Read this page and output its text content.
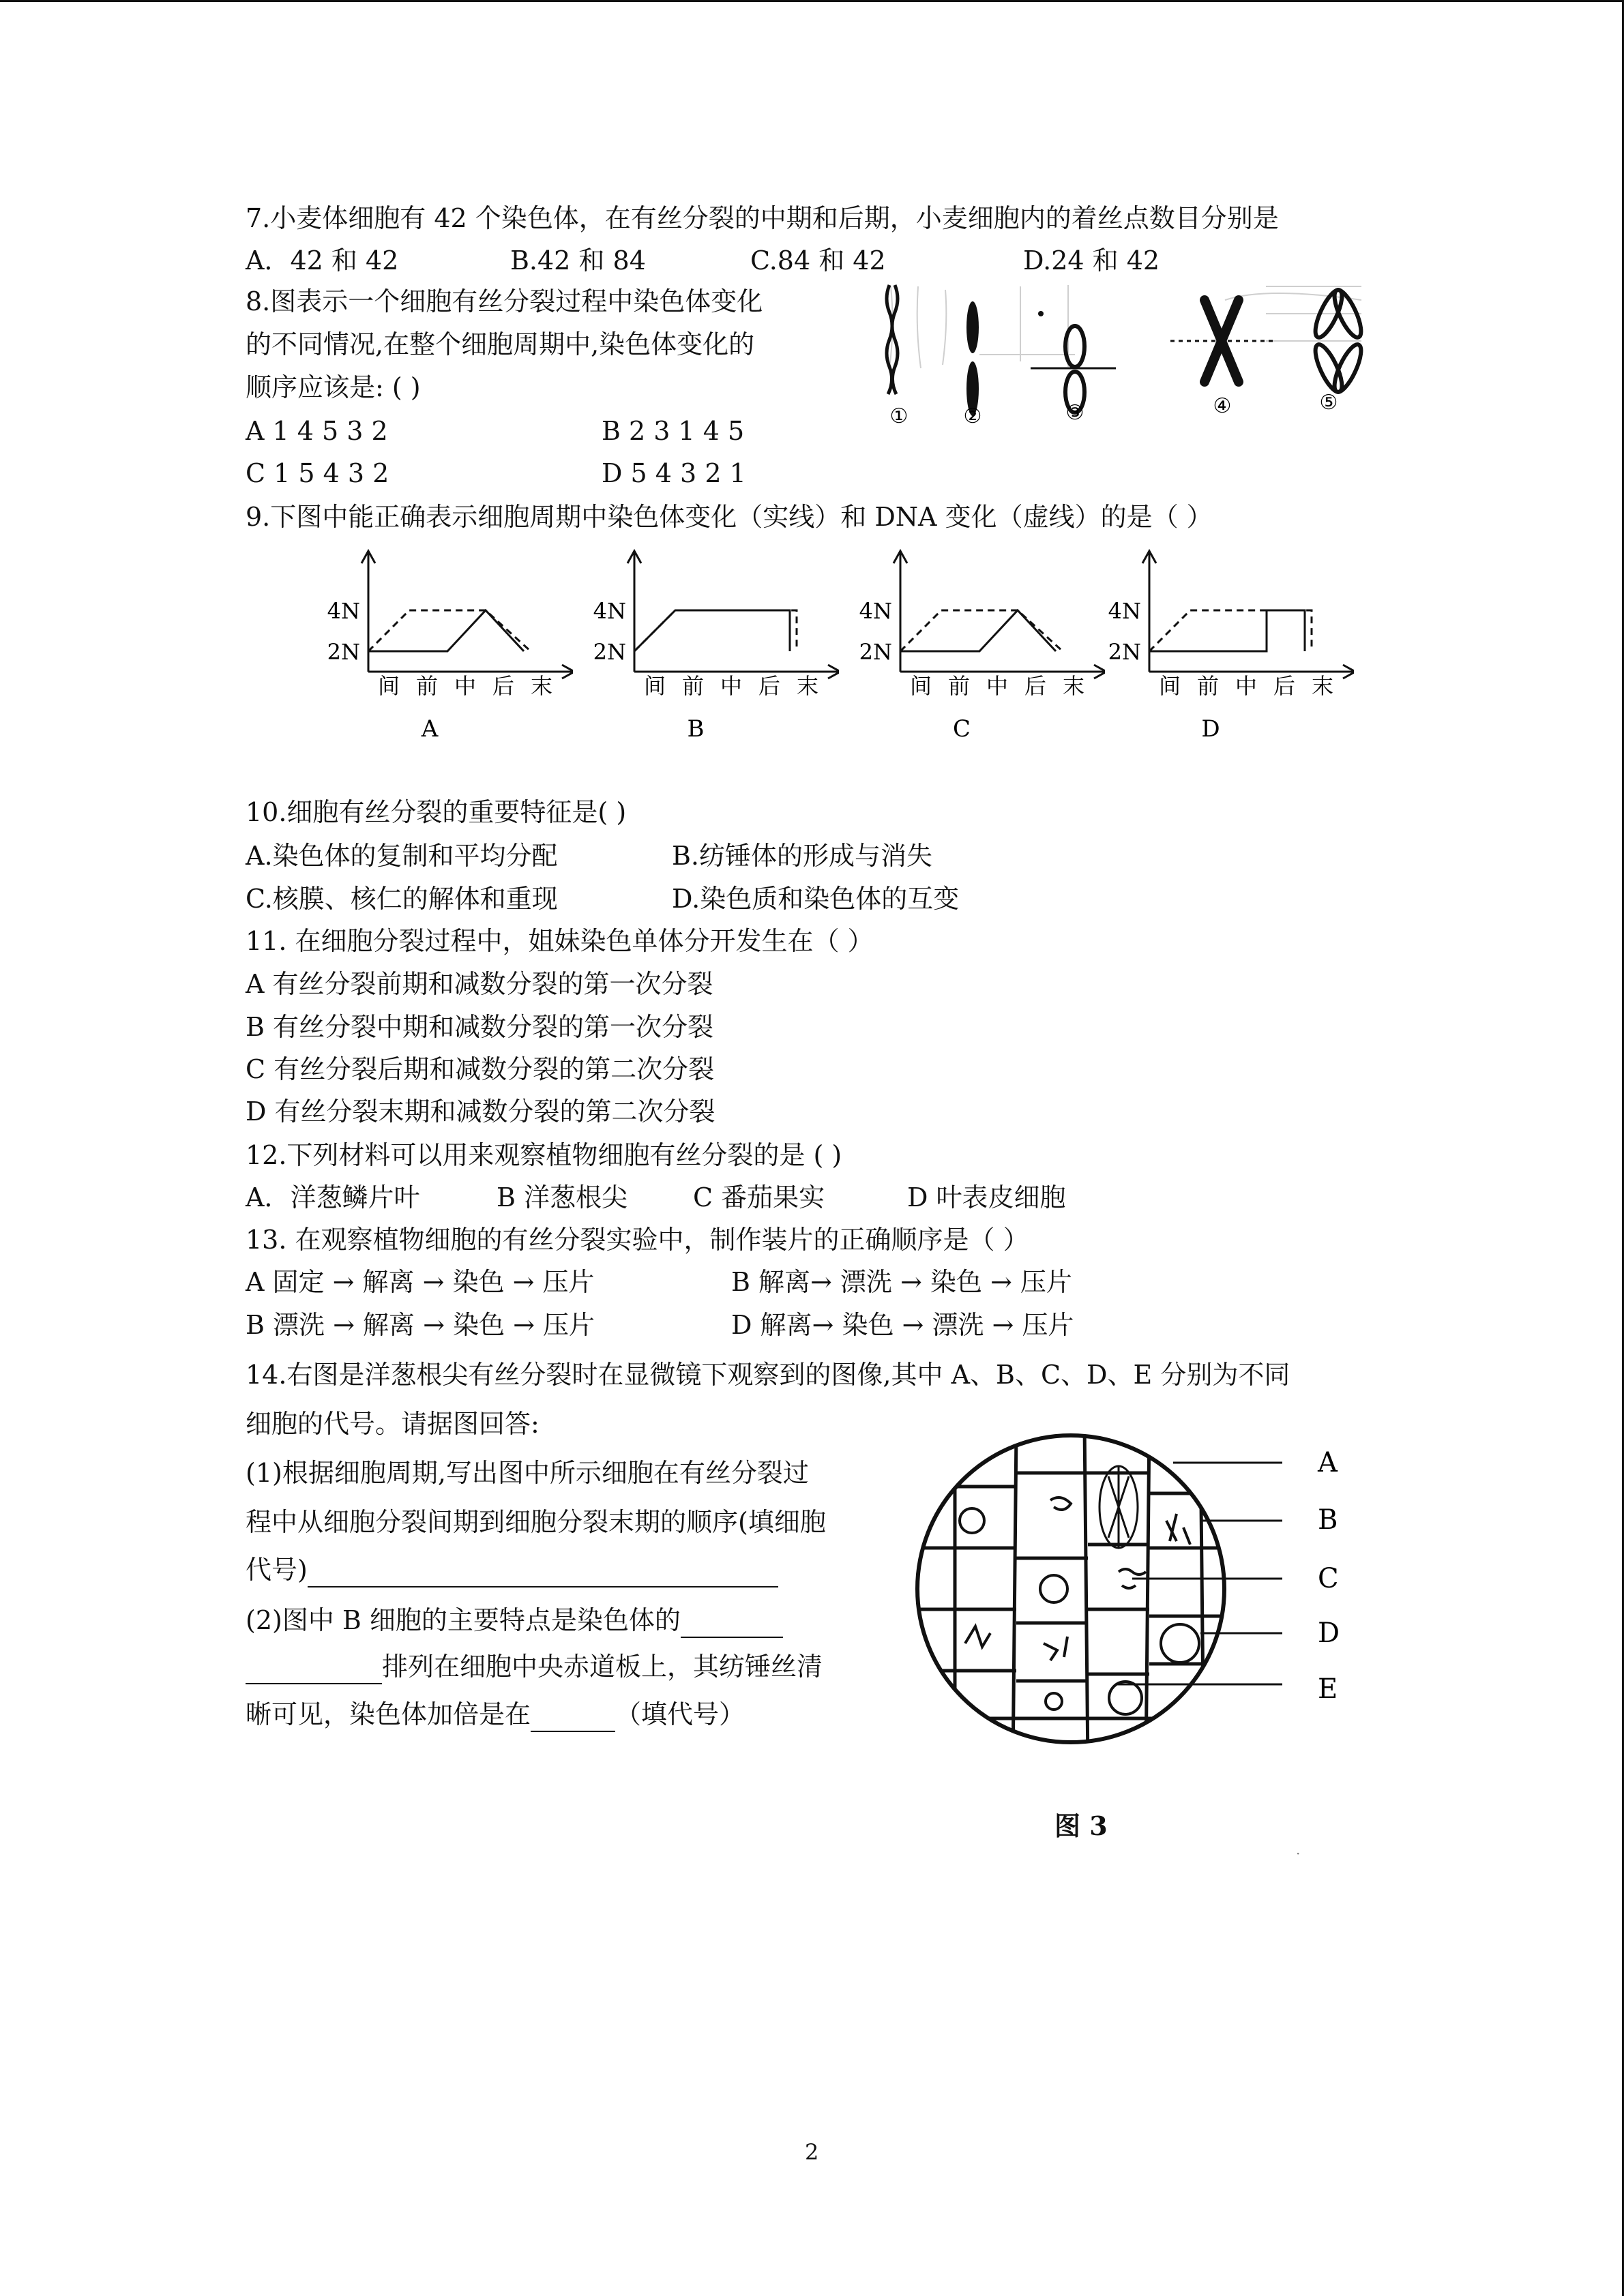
7.小麦体细胞有 42 个染色体，在有丝分裂的中期和后期，小麦细胞内的着丝点数目分别是
A．42 和 42	B.42 和 84	C.84 和 42	D.24 和 42
8.图表示一个细胞有丝分裂过程中染色体变化
的不同情况,在整个细胞周期中,染色体变化的
顺序应该是: ( )
A 1 4 5 3 2	B 2 3 1 4 5
C 1 5 4 3 2	D 5 4 3 2 1
①	②	③	④	⑤
9.下图中能正确表示细胞周期中染色体变化（实线）和 DNA 变化（虚线）的是（ ）
4N
2N
间 前 中 后 末
A
4N
2N
间 前 中 后 末
B
4N
2N
间 前 中 后 末
C
4N
2N
间 前 中 后 末
D
10.细胞有丝分裂的重要特征是( )
A.染色体的复制和平均分配	B.纺锤体的形成与消失
C.核膜、核仁的解体和重现	D.染色质和染色体的互变
11. 在细胞分裂过程中，姐妹染色单体分开发生在（ ）
A 有丝分裂前期和减数分裂的第一次分裂
B 有丝分裂中期和减数分裂的第一次分裂
C 有丝分裂后期和减数分裂的第二次分裂
D 有丝分裂末期和减数分裂的第二次分裂
12.下列材料可以用来观察植物细胞有丝分裂的是 ( )
A．洋葱鳞片叶	B 洋葱根尖	C 番茄果实	D 叶表皮细胞
13. 在观察植物细胞的有丝分裂实验中，制作装片的正确顺序是（ ）
A 固定 → 解离 → 染色 → 压片	B 解离→ 漂洗 → 染色 → 压片
B 漂洗 → 解离 → 染色 → 压片	D 解离→ 染色 → 漂洗 → 压片
14.右图是洋葱根尖有丝分裂时在显微镜下观察到的图像,其中 A、B、C、D、E 分别为不同
细胞的代号。请据图回答:
(1)根据细胞周期,写出图中所示细胞在有丝分裂过
程中从细胞分裂间期到细胞分裂末期的顺序(填细胞
代号)
(2)图中 B 细胞的主要特点是染色体的
排列在细胞中央赤道板上，其纺锤丝清
晰可见，染色体加倍是在	（填代号）
A
B
C
D
E
图 3
·
2
